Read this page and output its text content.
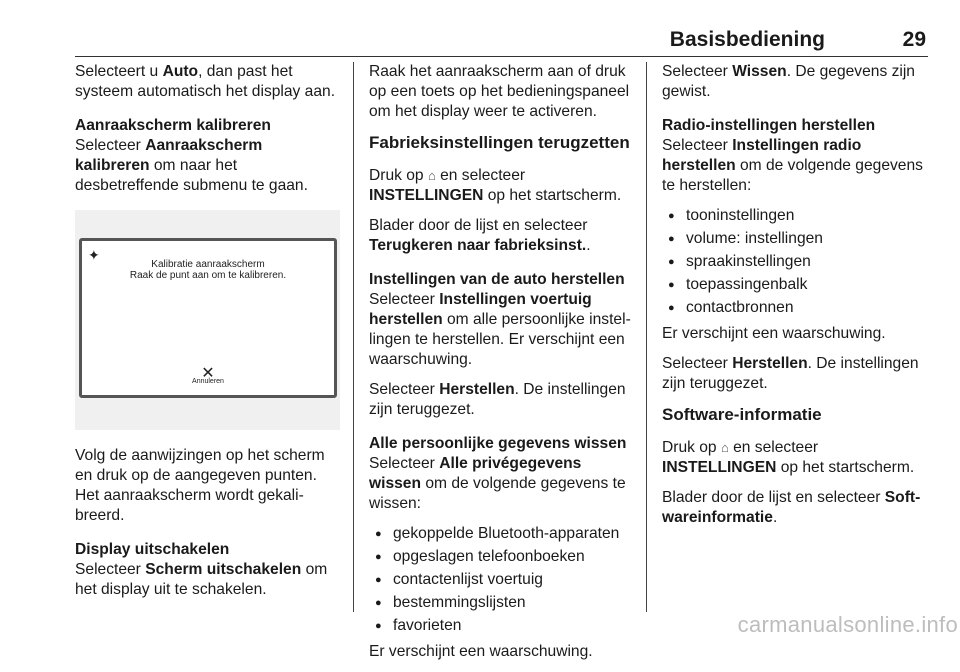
Basisbediening	29

Selecteert u Auto, dan past het systeem automatisch het display aan.

Aanraakscherm kalibreren
Selecteer Aanraakscherm kalibreren om naar het desbetreffende submenu te gaan.

✦
Kalibratie aanraakscherm
Raak de punt aan om te kalibreren.
✕
Annuleren

Volg de aanwijzingen op het scherm en druk op de aangegeven punten. Het aanraakscherm wordt gekalibreerd.

Display uitschakelen
Selecteer Scherm uitschakelen om het display uit te schakelen.

Raak het aanraakscherm aan of druk op een toets op het bedieningspaneel om het display weer te activeren.

Fabrieksinstellingen terugzetten

Druk op ⌂ en selecteer
INSTELLINGEN op het startscherm.

Blader door de lijst en selecteer Terugkeren naar fabrieksinst..

Instellingen van de auto herstellen
Selecteer Instellingen voertuig herstellen om alle persoonlijke instellingen te herstellen. Er verschijnt een waarschuwing.

Selecteer Herstellen. De instellingen zijn teruggezet.

Alle persoonlijke gegevens wissen
Selecteer Alle privégegevens wissen om de volgende gegevens te wissen:

● gekoppelde Bluetooth-apparaten
● opgeslagen telefoonboeken
● contactenlijst voertuig
● bestemmingslijsten
● favorieten

Er verschijnt een waarschuwing.

Selecteer Wissen. De gegevens zijn gewist.

Radio-instellingen herstellen
Selecteer Instellingen radio herstellen om de volgende gegevens te herstellen:

● tooninstellingen
● volume: instellingen
● spraakinstellingen
● toepassingenbalk
● contactbronnen

Er verschijnt een waarschuwing.

Selecteer Herstellen. De instellingen zijn teruggezet.

Software-informatie

Druk op ⌂ en selecteer
INSTELLINGEN op het startscherm.

Blader door de lijst en selecteer Softwareinformatie.

carmanualsonline.info
